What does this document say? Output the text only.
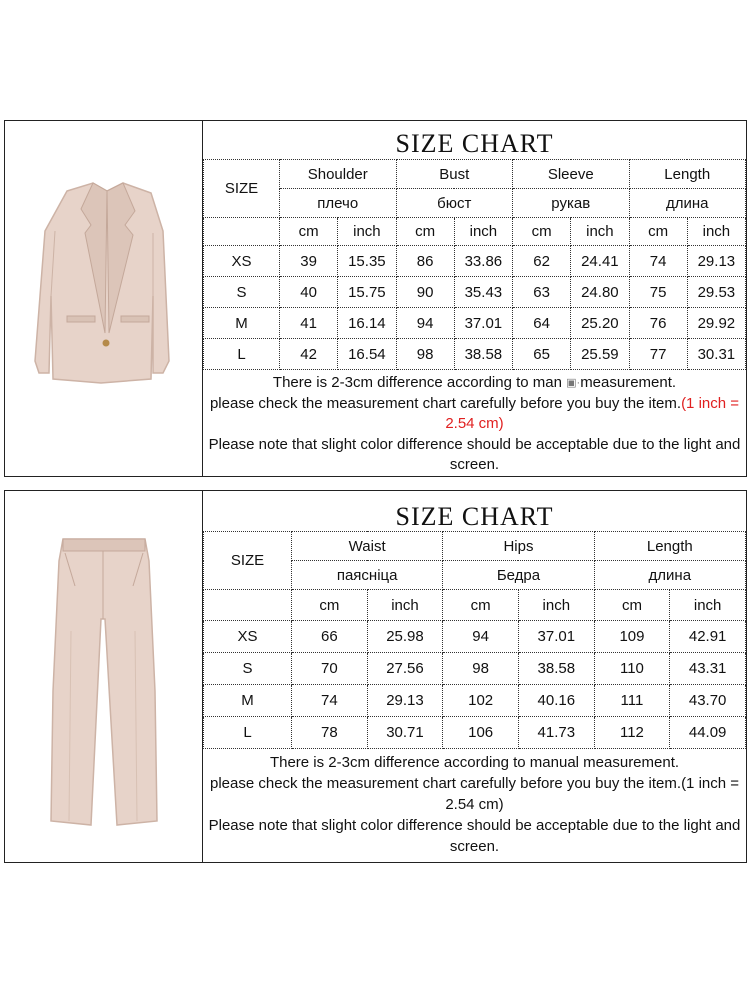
SIZE CHART
SIZE	Shoulder		Bust		Sleeve		Length	
	плечо		бюст		рукав		длина	
	cm	inch	cm	inch	cm	inch	cm	inch
XS	39	15.35	86	33.86	62	24.41	74	29.13
S	40	15.75	90	35.43	63	24.80	75	29.53
M	41	16.14	94	37.01	64	25.20	76	29.92
L	42	16.54	98	38.58	65	25.59	77	30.31
There is 2-3cm difference according to man ▣·measurement.
please check the measurement chart carefully before you buy the item.(1 inch = 2.54 cm)
Please note that slight color difference should be acceptable due to the light and screen.
SIZE CHART
SIZE	Waist		Hips		Length	
	паясніца		Бедра		длина	
	cm	inch	cm	inch	cm	inch
XS	66	25.98	94	37.01	109	42.91
S	70	27.56	98	38.58	110	43.31
M	74	29.13	102	40.16	111	43.70
L	78	30.71	106	41.73	112	44.09
There is 2-3cm difference according to manual measurement.
please check the measurement chart carefully before you buy the item.(1 inch = 2.54 cm)
Please note that slight color difference should be acceptable due to the light and screen.
